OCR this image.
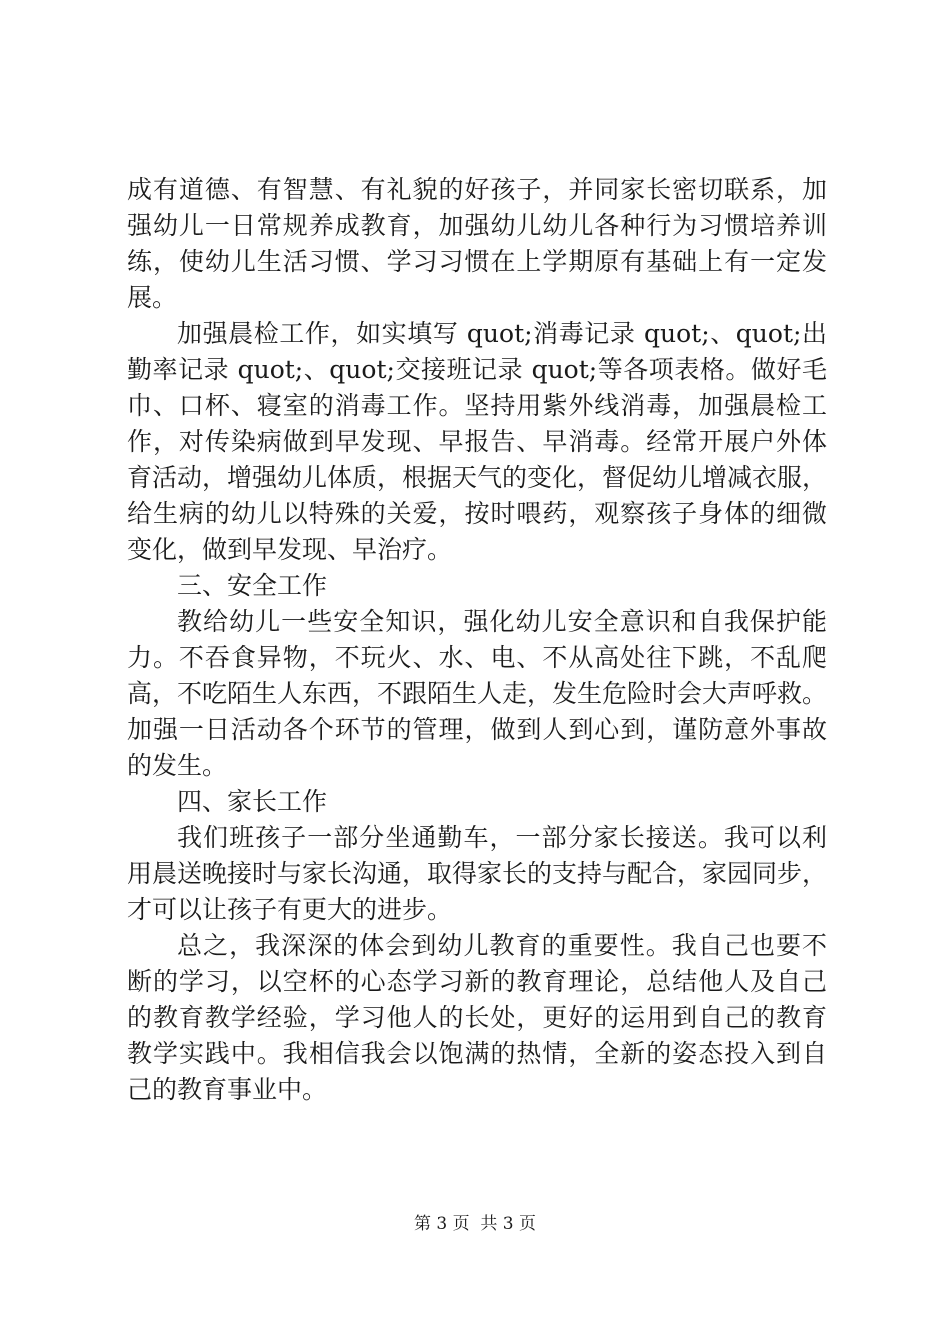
成有道德、有智慧、有礼貌的好孩子，并同家长密切联系，加
强幼儿一日常规养成教育，加强幼儿幼儿各种行为习惯培养训
练，使幼儿生活习惯、学习习惯在上学期原有基础上有一定发
展。
加强晨检工作，如实填写 quot;消毒记录 quot;、quot;出
勤率记录 quot;、quot;交接班记录 quot;等各项表格。做好毛
巾、口杯、寝室的消毒工作。坚持用紫外线消毒，加强晨检工
作，对传染病做到早发现、早报告、早消毒。经常开展户外体
育活动，增强幼儿体质，根据天气的变化，督促幼儿增减衣服，
给生病的幼儿以特殊的关爱，按时喂药，观察孩子身体的细微
变化，做到早发现、早治疗。
三、安全工作
教给幼儿一些安全知识，强化幼儿安全意识和自我保护能
力。不吞食异物，不玩火、水、电、不从高处往下跳，不乱爬
高，不吃陌生人东西，不跟陌生人走，发生危险时会大声呼救。
加强一日活动各个环节的管理，做到人到心到，谨防意外事故
的发生。
四、家长工作
我们班孩子一部分坐通勤车，一部分家长接送。我可以利
用晨送晚接时与家长沟通，取得家长的支持与配合，家园同步，
才可以让孩子有更大的进步。
总之，我深深的体会到幼儿教育的重要性。我自己也要不
断的学习，以空杯的心态学习新的教育理论，总结他人及自己
的教育教学经验，学习他人的长处，更好的运用到自己的教育
教学实践中。我相信我会以饱满的热情，全新的姿态投入到自
己的教育事业中。
第 3 页  共 3 页
